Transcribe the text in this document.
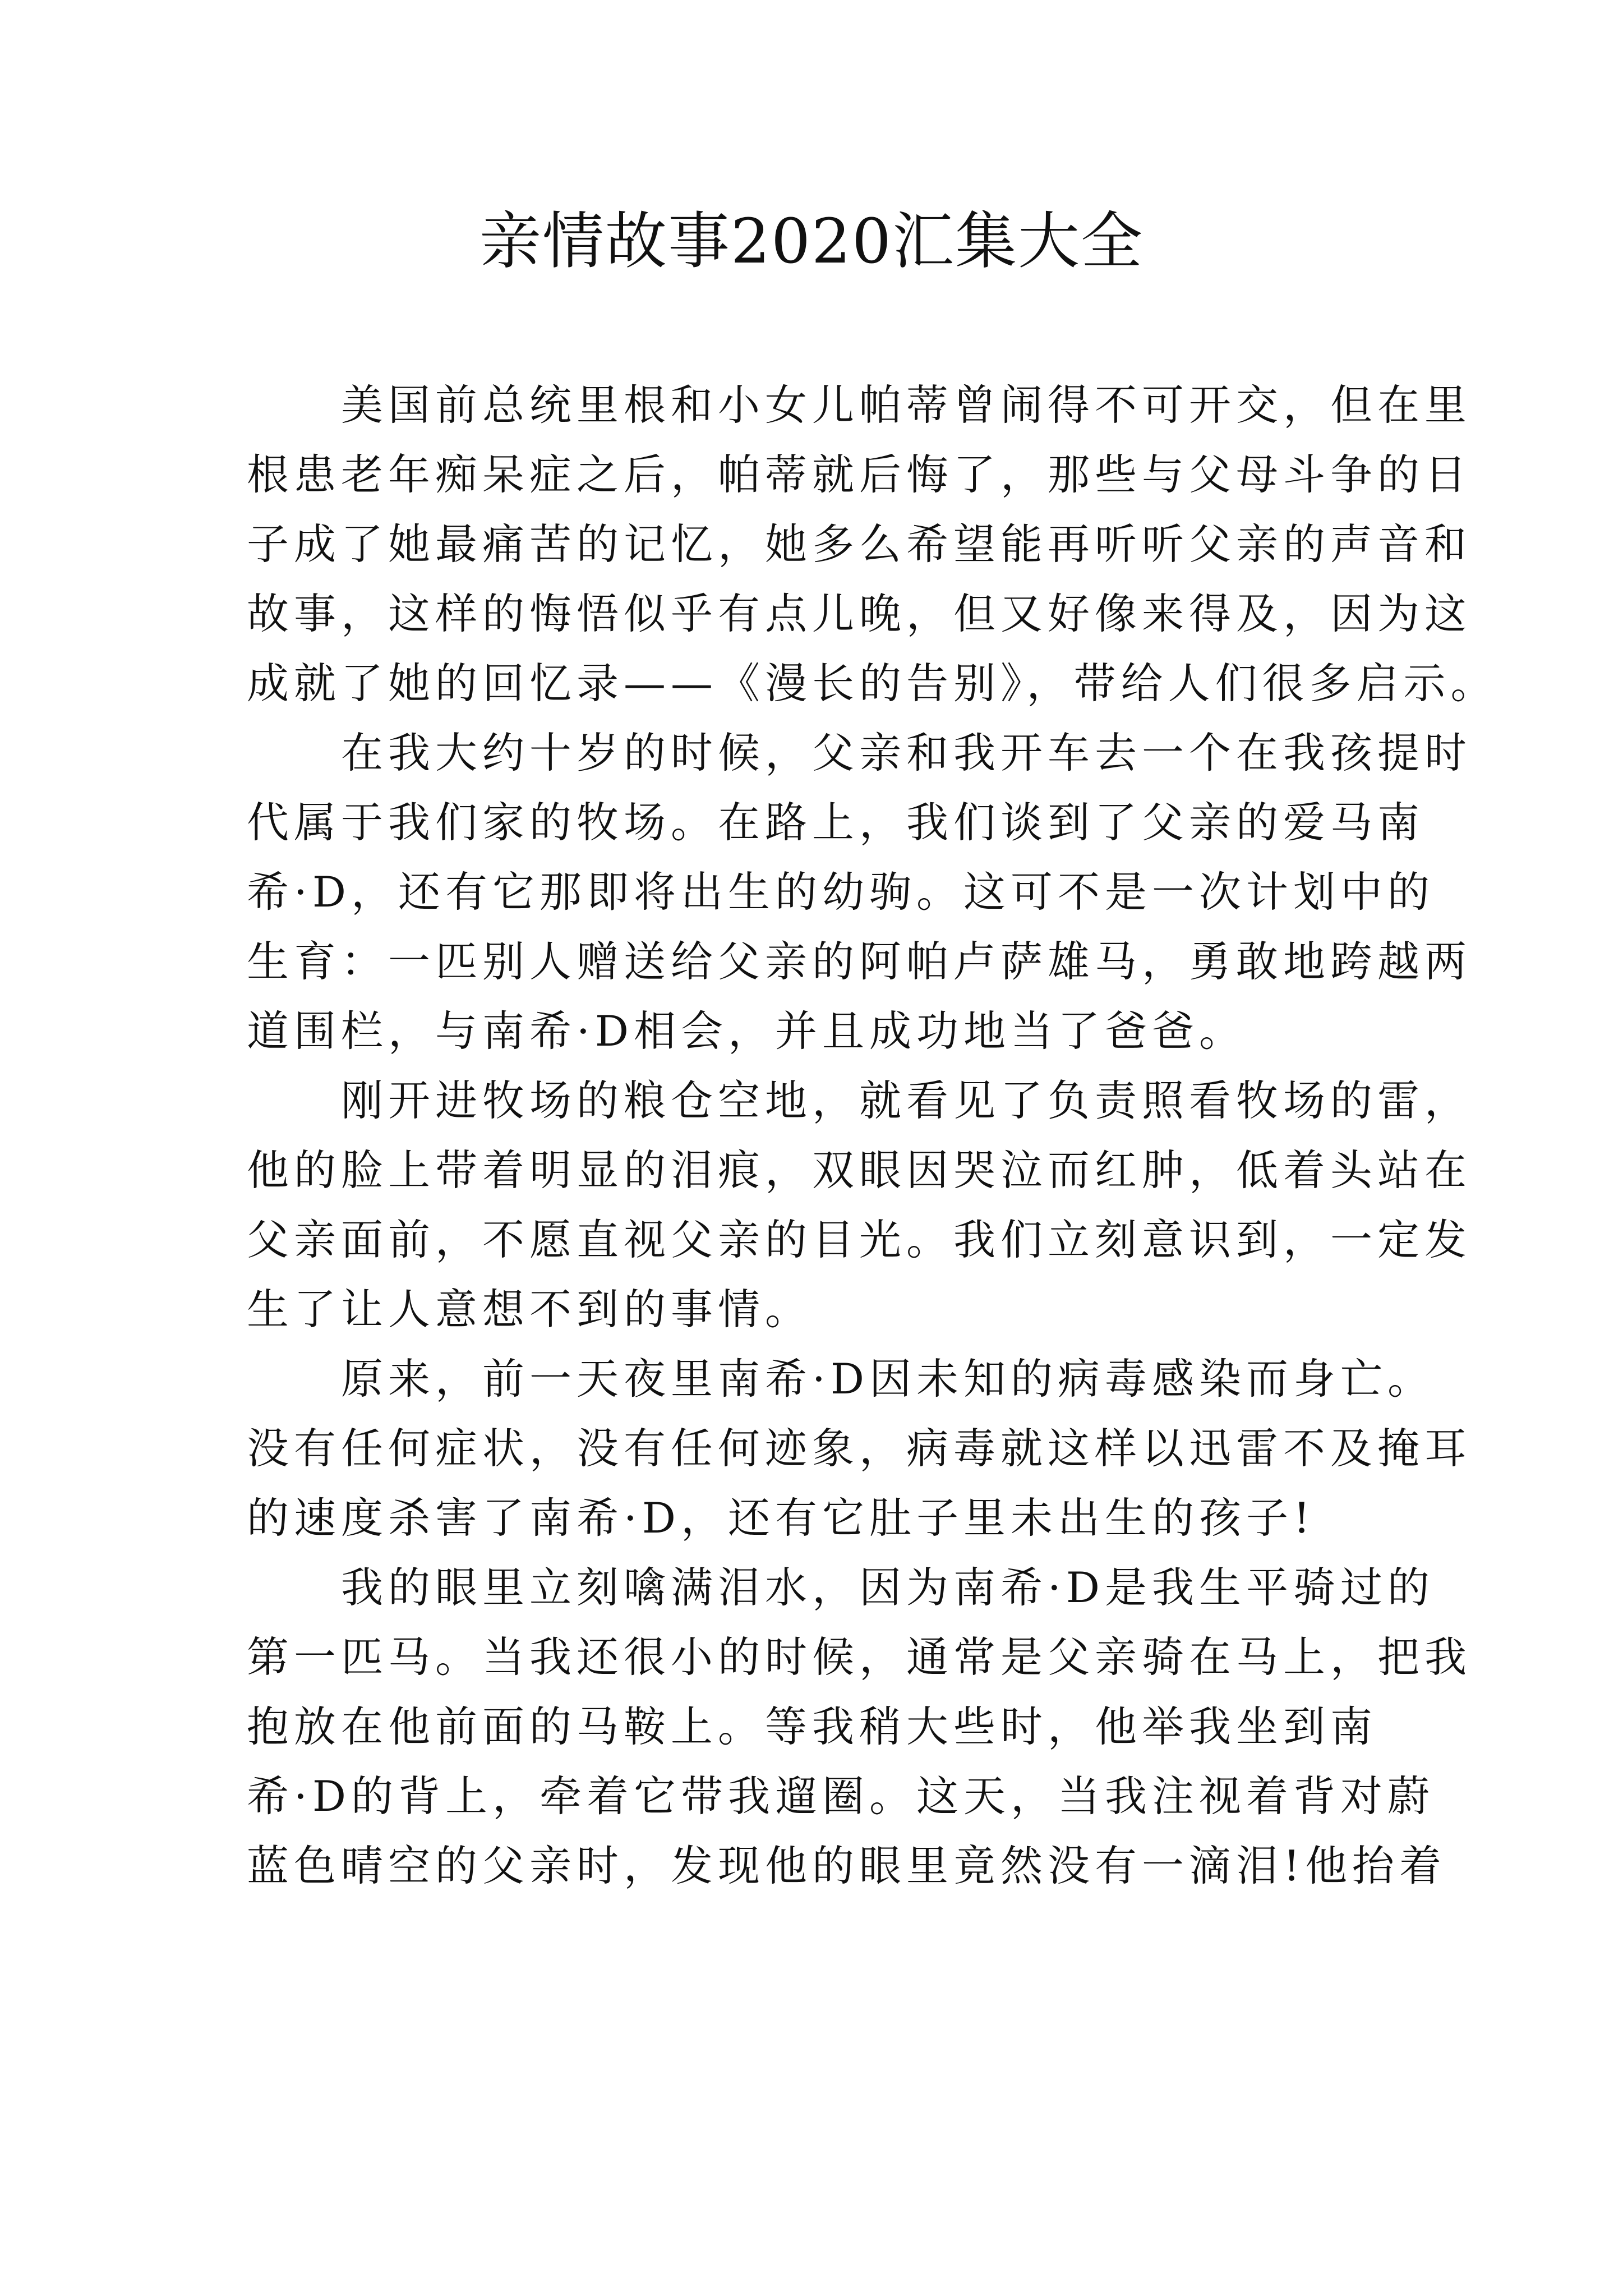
亲情故事2020汇集大全
美国前总统里根和小女儿帕蒂曾闹得不可开交，但在里
根患老年痴呆症之后，帕蒂就后悔了，那些与父母斗争的日
子成了她最痛苦的记忆，她多么希望能再听听父亲的声音和
故事，这样的悔悟似乎有点儿晚，但又好像来得及，因为这
成就了她的回忆录——《漫长的告别》，带给人们很多启示。
在我大约十岁的时候，父亲和我开车去一个在我孩提时
代属于我们家的牧场。在路上，我们谈到了父亲的爱马南
希·D，还有它那即将出生的幼驹。这可不是一次计划中的
生育：一匹别人赠送给父亲的阿帕卢萨雄马，勇敢地跨越两
道围栏，与南希·D相会，并且成功地当了爸爸。
刚开进牧场的粮仓空地，就看见了负责照看牧场的雷，
他的脸上带着明显的泪痕，双眼因哭泣而红肿，低着头站在
父亲面前，不愿直视父亲的目光。我们立刻意识到，一定发
生了让人意想不到的事情。
原来，前一天夜里南希·D因未知的病毒感染而身亡。
没有任何症状，没有任何迹象，病毒就这样以迅雷不及掩耳
的速度杀害了南希·D，还有它肚子里未出生的孩子!
我的眼里立刻噙满泪水，因为南希·D是我生平骑过的
第一匹马。当我还很小的时候，通常是父亲骑在马上，把我
抱放在他前面的马鞍上。等我稍大些时，他举我坐到南
希·D的背上，牵着它带我遛圈。这天，当我注视着背对蔚
蓝色晴空的父亲时，发现他的眼里竟然没有一滴泪!他抬着
